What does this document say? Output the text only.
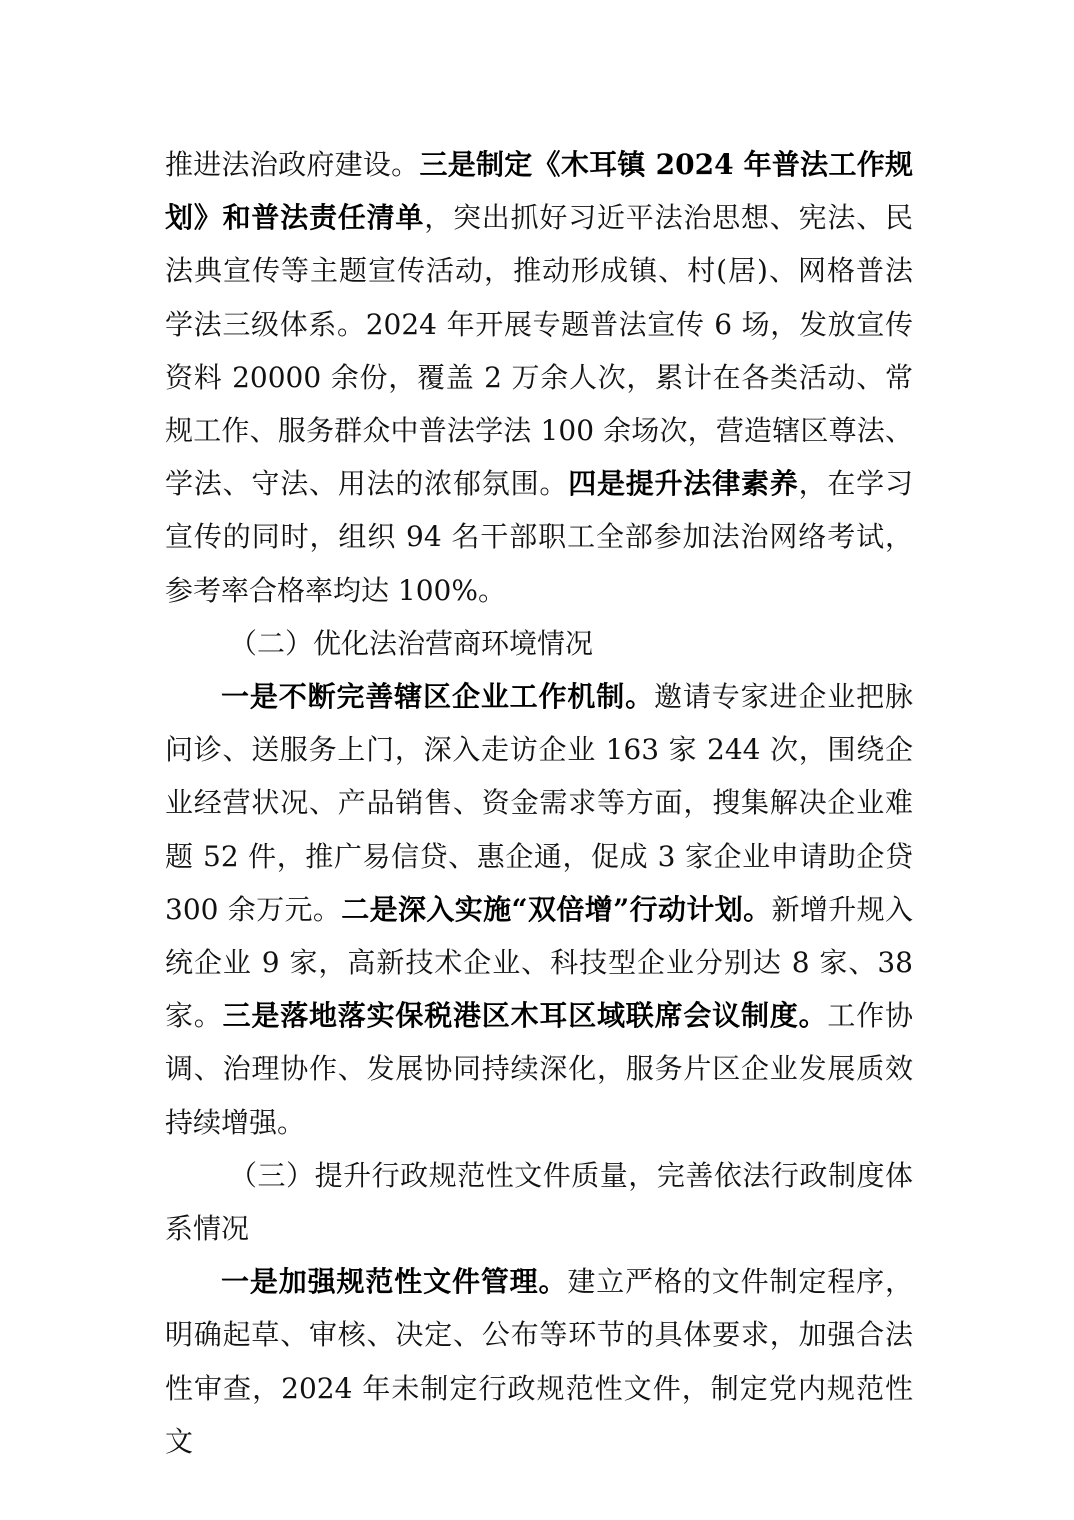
推进法治政府建设。三是制定《木耳镇 2024 年普法工作规划》和普法责任清单，突出抓好习近平法治思想、宪法、民法典宣传等主题宣传活动，推动形成镇、村(居)、网格普法学法三级体系。2024 年开展专题普法宣传 6 场，发放宣传资料 20000 余份，覆盖 2 万余人次，累计在各类活动、常规工作、服务群众中普法学法 100 余场次，营造辖区尊法、学法、守法、用法的浓郁氛围。四是提升法律素养，在学习宣传的同时，组织 94 名干部职工全部参加法治网络考试，参考率合格率均达 100%。

（二）优化法治营商环境情况

一是不断完善辖区企业工作机制。邀请专家进企业把脉问诊、送服务上门，深入走访企业 163 家 244 次，围绕企业经营状况、产品销售、资金需求等方面，搜集解决企业难题 52 件，推广易信贷、惠企通，促成 3 家企业申请助企贷 300 余万元。二是深入实施“双倍增”行动计划。新增升规入统企业 9 家，高新技术企业、科技型企业分别达 8 家、38 家。三是落地落实保税港区木耳区域联席会议制度。工作协调、治理协作、发展协同持续深化，服务片区企业发展质效持续增强。

（三）提升行政规范性文件质量，完善依法行政制度体系情况

一是加强规范性文件管理。建立严格的文件制定程序，明确起草、审核、决定、公布等环节的具体要求，加强合法性审查，2024 年未制定行政规范性文件，制定党内规范性文
